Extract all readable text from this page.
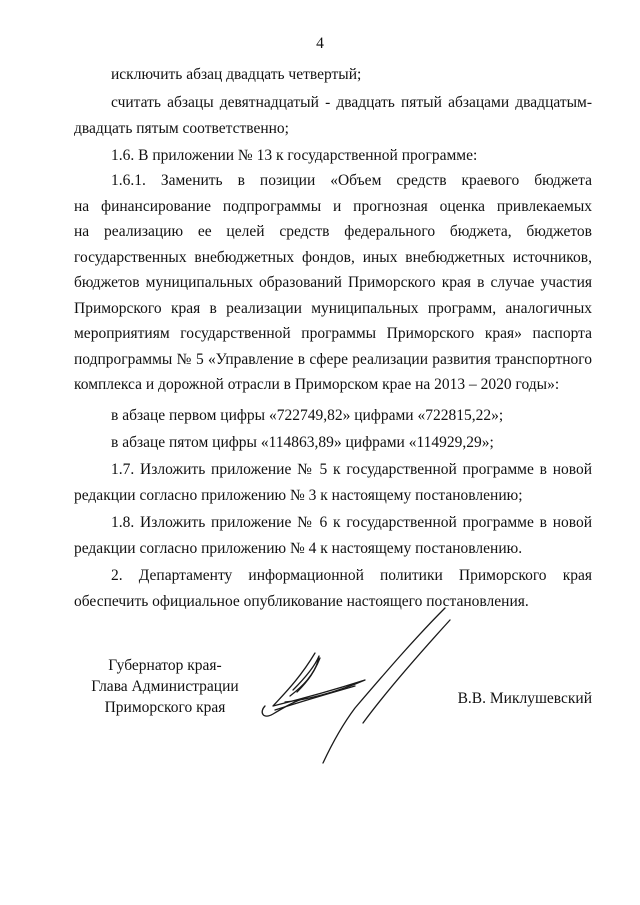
4
исключить абзац двадцать четвертый;
считать абзацы девятнадцатый - двадцать пятый абзацами двадцатым-
двадцать пятым соответственно;
1.6. В приложении № 13 к государственной программе:
1.6.1. Заменить в позиции «Объем средств краевого бюджета
на финансирование подпрограммы и прогнозная оценка привлекаемых
на реализацию ее целей средств федерального бюджета, бюджетов
государственных внебюджетных фондов, иных внебюджетных источников,
бюджетов муниципальных образований Приморского края в случае участия
Приморского края в реализации муниципальных программ, аналогичных
мероприятиям государственной программы Приморского края» паспорта
подпрограммы № 5 «Управление в сфере реализации развития транспортного
комплекса и дорожной отрасли в Приморском крае на 2013 – 2020 годы»:
в абзаце первом цифры «722749,82» цифрами «722815,22»;
в абзаце пятом цифры «114863,89» цифрами «114929,29»;
1.7. Изложить приложение № 5 к государственной программе в новой
редакции согласно приложению № 3 к настоящему постановлению;
1.8. Изложить приложение № 6 к государственной программе в новой
редакции согласно приложению № 4 к настоящему постановлению.
2. Департаменту информационной политики Приморского края
обеспечить официальное опубликование настоящего постановления.
Губернатор края-
Глава Администрации
Приморского края
В.В. Миклушевский
